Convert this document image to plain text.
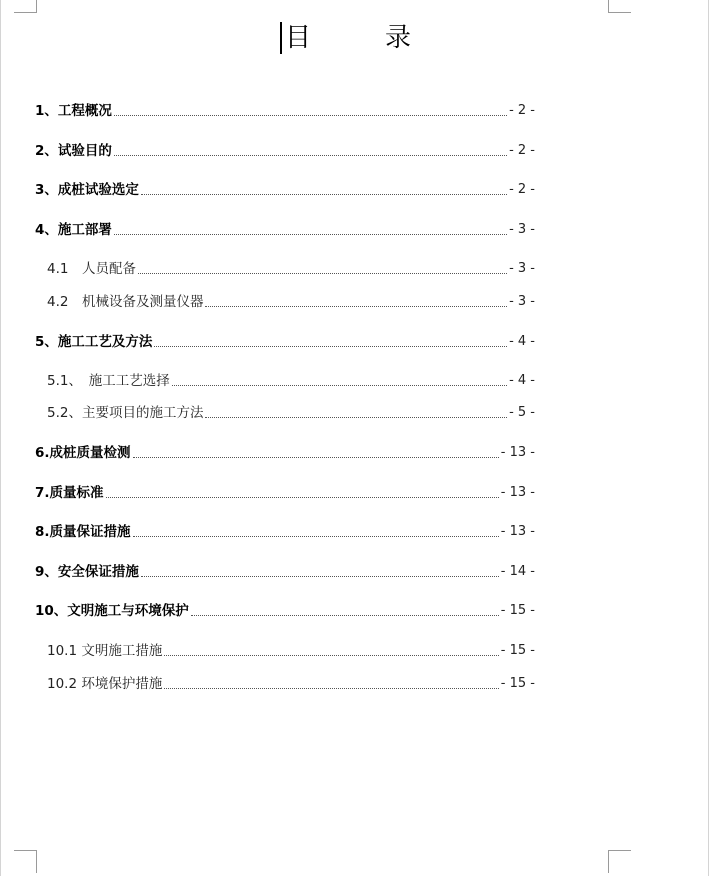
目　录
1、工程概况	- 2 -
2、试验目的	- 2 -
3、成桩试验选定	- 2 -
4、施工部署	- 3 -
4.1　人员配备	- 3 -
4.2　机械设备及测量仪器	- 3 -
5、施工工艺及方法	- 4 -
5.1、　施工工艺选择	- 4 -
5.2、主要项目的施工方法	- 5 -
6.成桩质量检测	- 13 -
7.质量标准	- 13 -
8.质量保证措施	- 13 -
9、安全保证措施	- 14 -
10、文明施工与环境保护	- 15 -
10.1 文明施工措施	- 15 -
10.2 环境保护措施	- 15 -
